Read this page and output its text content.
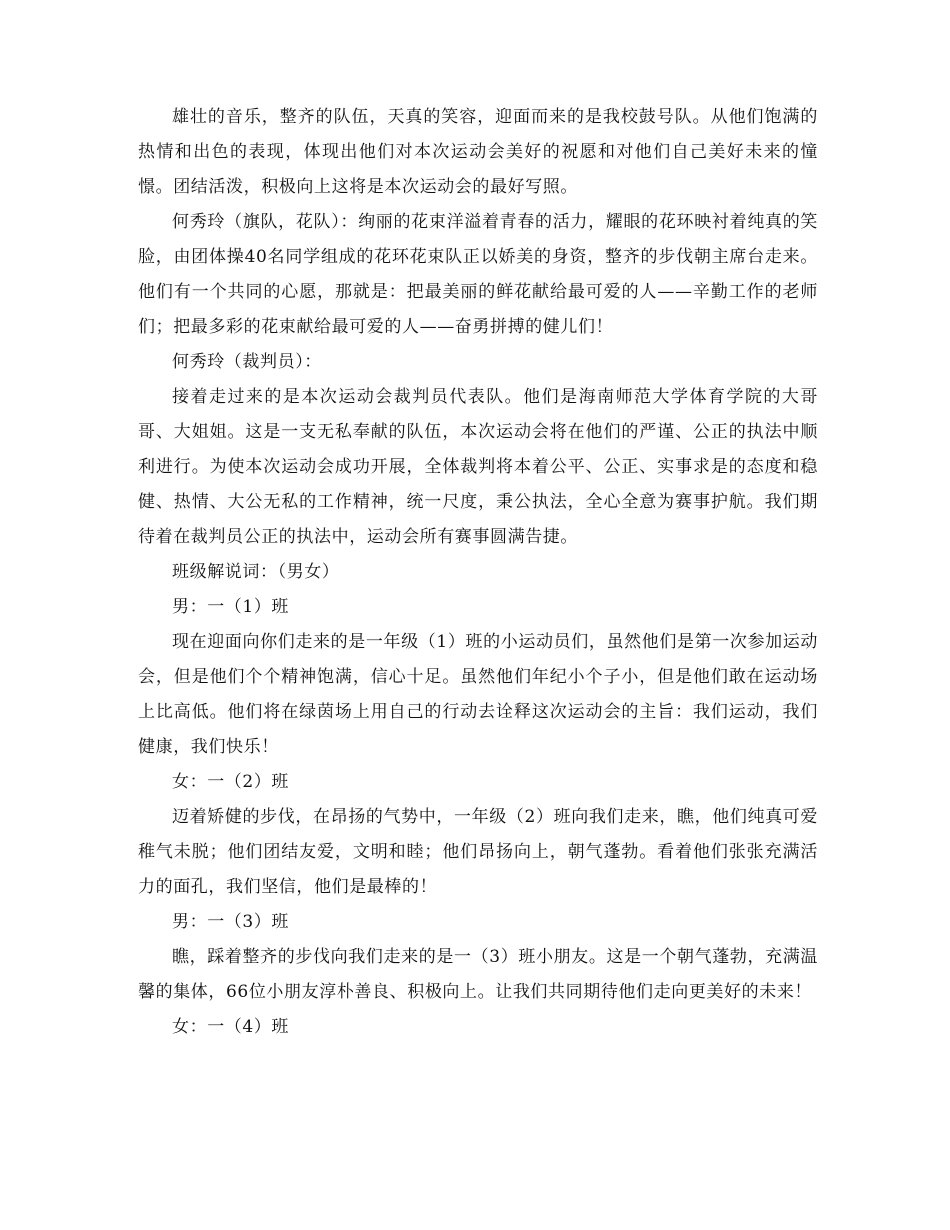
雄壮的音乐，整齐的队伍，天真的笑容，迎面而来的是我校鼓号队。从他们饱满的热情和出色的表现，体现出他们对本次运动会美好的祝愿和对他们自己美好未来的憧憬。团结活泼，积极向上这将是本次运动会的最好写照。

何秀玲（旗队，花队）：绚丽的花束洋溢着青春的活力，耀眼的花环映衬着纯真的笑脸，由团体操40名同学组成的花环花束队正以娇美的身资，整齐的步伐朝主席台走来。他们有一个共同的心愿，那就是：把最美丽的鲜花献给最可爱的人——辛勤工作的老师们；把最多彩的花束献给最可爱的人——奋勇拼搏的健儿们！

何秀玲（裁判员）：

接着走过来的是本次运动会裁判员代表队。他们是海南师范大学体育学院的大哥哥、大姐姐。这是一支无私奉献的队伍，本次运动会将在他们的严谨、公正的执法中顺利进行。为使本次运动会成功开展，全体裁判将本着公平、公正、实事求是的态度和稳健、热情、大公无私的工作精神，统一尺度，秉公执法，全心全意为赛事护航。我们期待着在裁判员公正的执法中，运动会所有赛事圆满告捷。

班级解说词：（男女）

男：一（1）班

现在迎面向你们走来的是一年级（1）班的小运动员们，虽然他们是第一次参加运动会，但是他们个个精神饱满，信心十足。虽然他们年纪小个子小，但是他们敢在运动场上比高低。他们将在绿茵场上用自己的行动去诠释这次运动会的主旨：我们运动，我们健康，我们快乐！

女：一（2）班

迈着矫健的步伐，在昂扬的气势中，一年级（2）班向我们走来，瞧，他们纯真可爱稚气未脱；他们团结友爱，文明和睦；他们昂扬向上，朝气蓬勃。看着他们张张充满活力的面孔，我们坚信，他们是最棒的！

男：一（3）班

瞧，踩着整齐的步伐向我们走来的是一（3）班小朋友。这是一个朝气蓬勃，充满温馨的集体，66位小朋友淳朴善良、积极向上。让我们共同期待他们走向更美好的未来！

女：一（4）班
